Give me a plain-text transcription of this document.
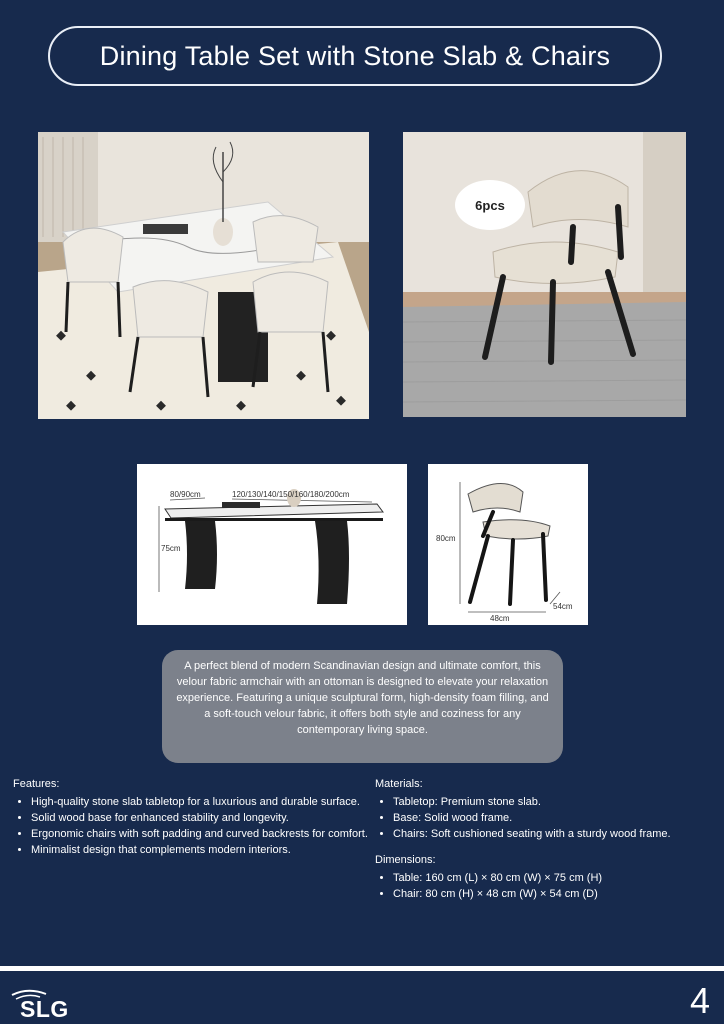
Dining Table Set with Stone Slab & Chairs
6pcs
80/90cm	120/130/140/150/160/180/200cm
75cm
80cm
48cm
54cm
A perfect blend of modern Scandinavian design and ultimate comfort, this velour fabric armchair with an ottoman is designed to elevate your relaxation experience. Featuring a unique sculptural form, high-density foam filling, and a soft-touch velour fabric, it offers both style and coziness for any contemporary living space.
Features:
• High-quality stone slab tabletop for a luxurious and durable surface.
• Solid wood base for enhanced stability and longevity.
• Ergonomic chairs with soft padding and curved backrests for comfort.
• Minimalist design that complements modern interiors.
Materials:
• Tabletop: Premium stone slab.
• Base: Solid wood frame.
• Chairs: Soft cushioned seating with a sturdy wood frame.
Dimensions:
• Table: 160 cm (L) × 80 cm (W) × 75 cm (H)
• Chair: 80 cm (H) × 48 cm (W) × 54 cm (D)
SLG	4
